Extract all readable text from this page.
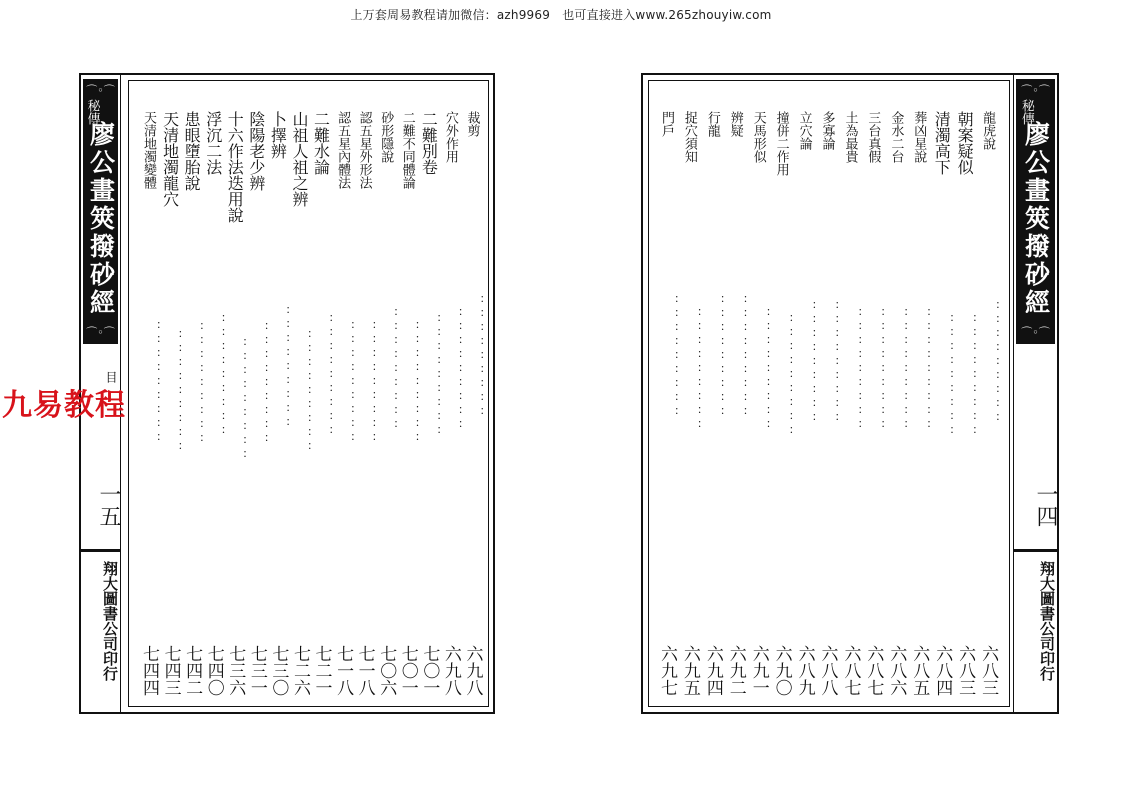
上万套周易教程请加微信：azh9969　也可直接进入www.265zhouyiw.com
⌒◦⌒
秘傳
廖公畫筴撥砂經
⌒◦⌒
目
一五
翔大圖書公司印行
裁剪
：：：：：：：：：
六九八
穴外作用
：：：：：：：：：
六九八
二難別卷
：：：：：：：：：
七〇一
二難不同體論
：：：：：：：：：
七〇一
砂形隱說
：：：：：：：：：
七〇六
認五星外形法
：：：：：：：：：
七一八
認五星內體法
：：：：：：：：：
七一八
二難水論
：：：：：：：：：
七二一
山祖人祖之辨
：：：：：：：：：
七二六
卜擇辨
：：：：：：：：：
七三〇
陰陽老少辨
：：：：：：：：：
七三一
十六作法迭用說
：：：：：：：：：
七三六
浮沉二法
：：：：：：：：：
七四〇
患眼墮胎說
：：：：：：：：：
七四二
天清地濁龍穴
：：：：：：：：：
七四三
天清地濁變體
：：：：：：：：：
七四四
龍虎說
：：：：：：：：：
六八三
朝案疑似
：：：：：：：：：
六八三
清濁高下
：：：：：：：：：
六八四
葬凶星說
：：：：：：：：：
六八五
金水二台
：：：：：：：：：
六八六
三台真假
：：：：：：：：：
六八七
土為最貴
：：：：：：：：：
六八七
多寡論
：：：：：：：：：
六八八
立穴論
：：：：：：：：：
六八九
撞併二作用
：：：：：：：：：
六九〇
天馬形似
：：：：：：：：：
六九一
辨疑
：：：：：：：：：
六九二
行龍
：：：：：：：：：
六九四
捉穴須知
：：：：：：：：：
六九五
門戶
：：：：：：：：：
六九七
⌒◦⌒
秘傳
廖公畫筴撥砂經
⌒◦⌒
一四
翔大圖書公司印行
九易教程
